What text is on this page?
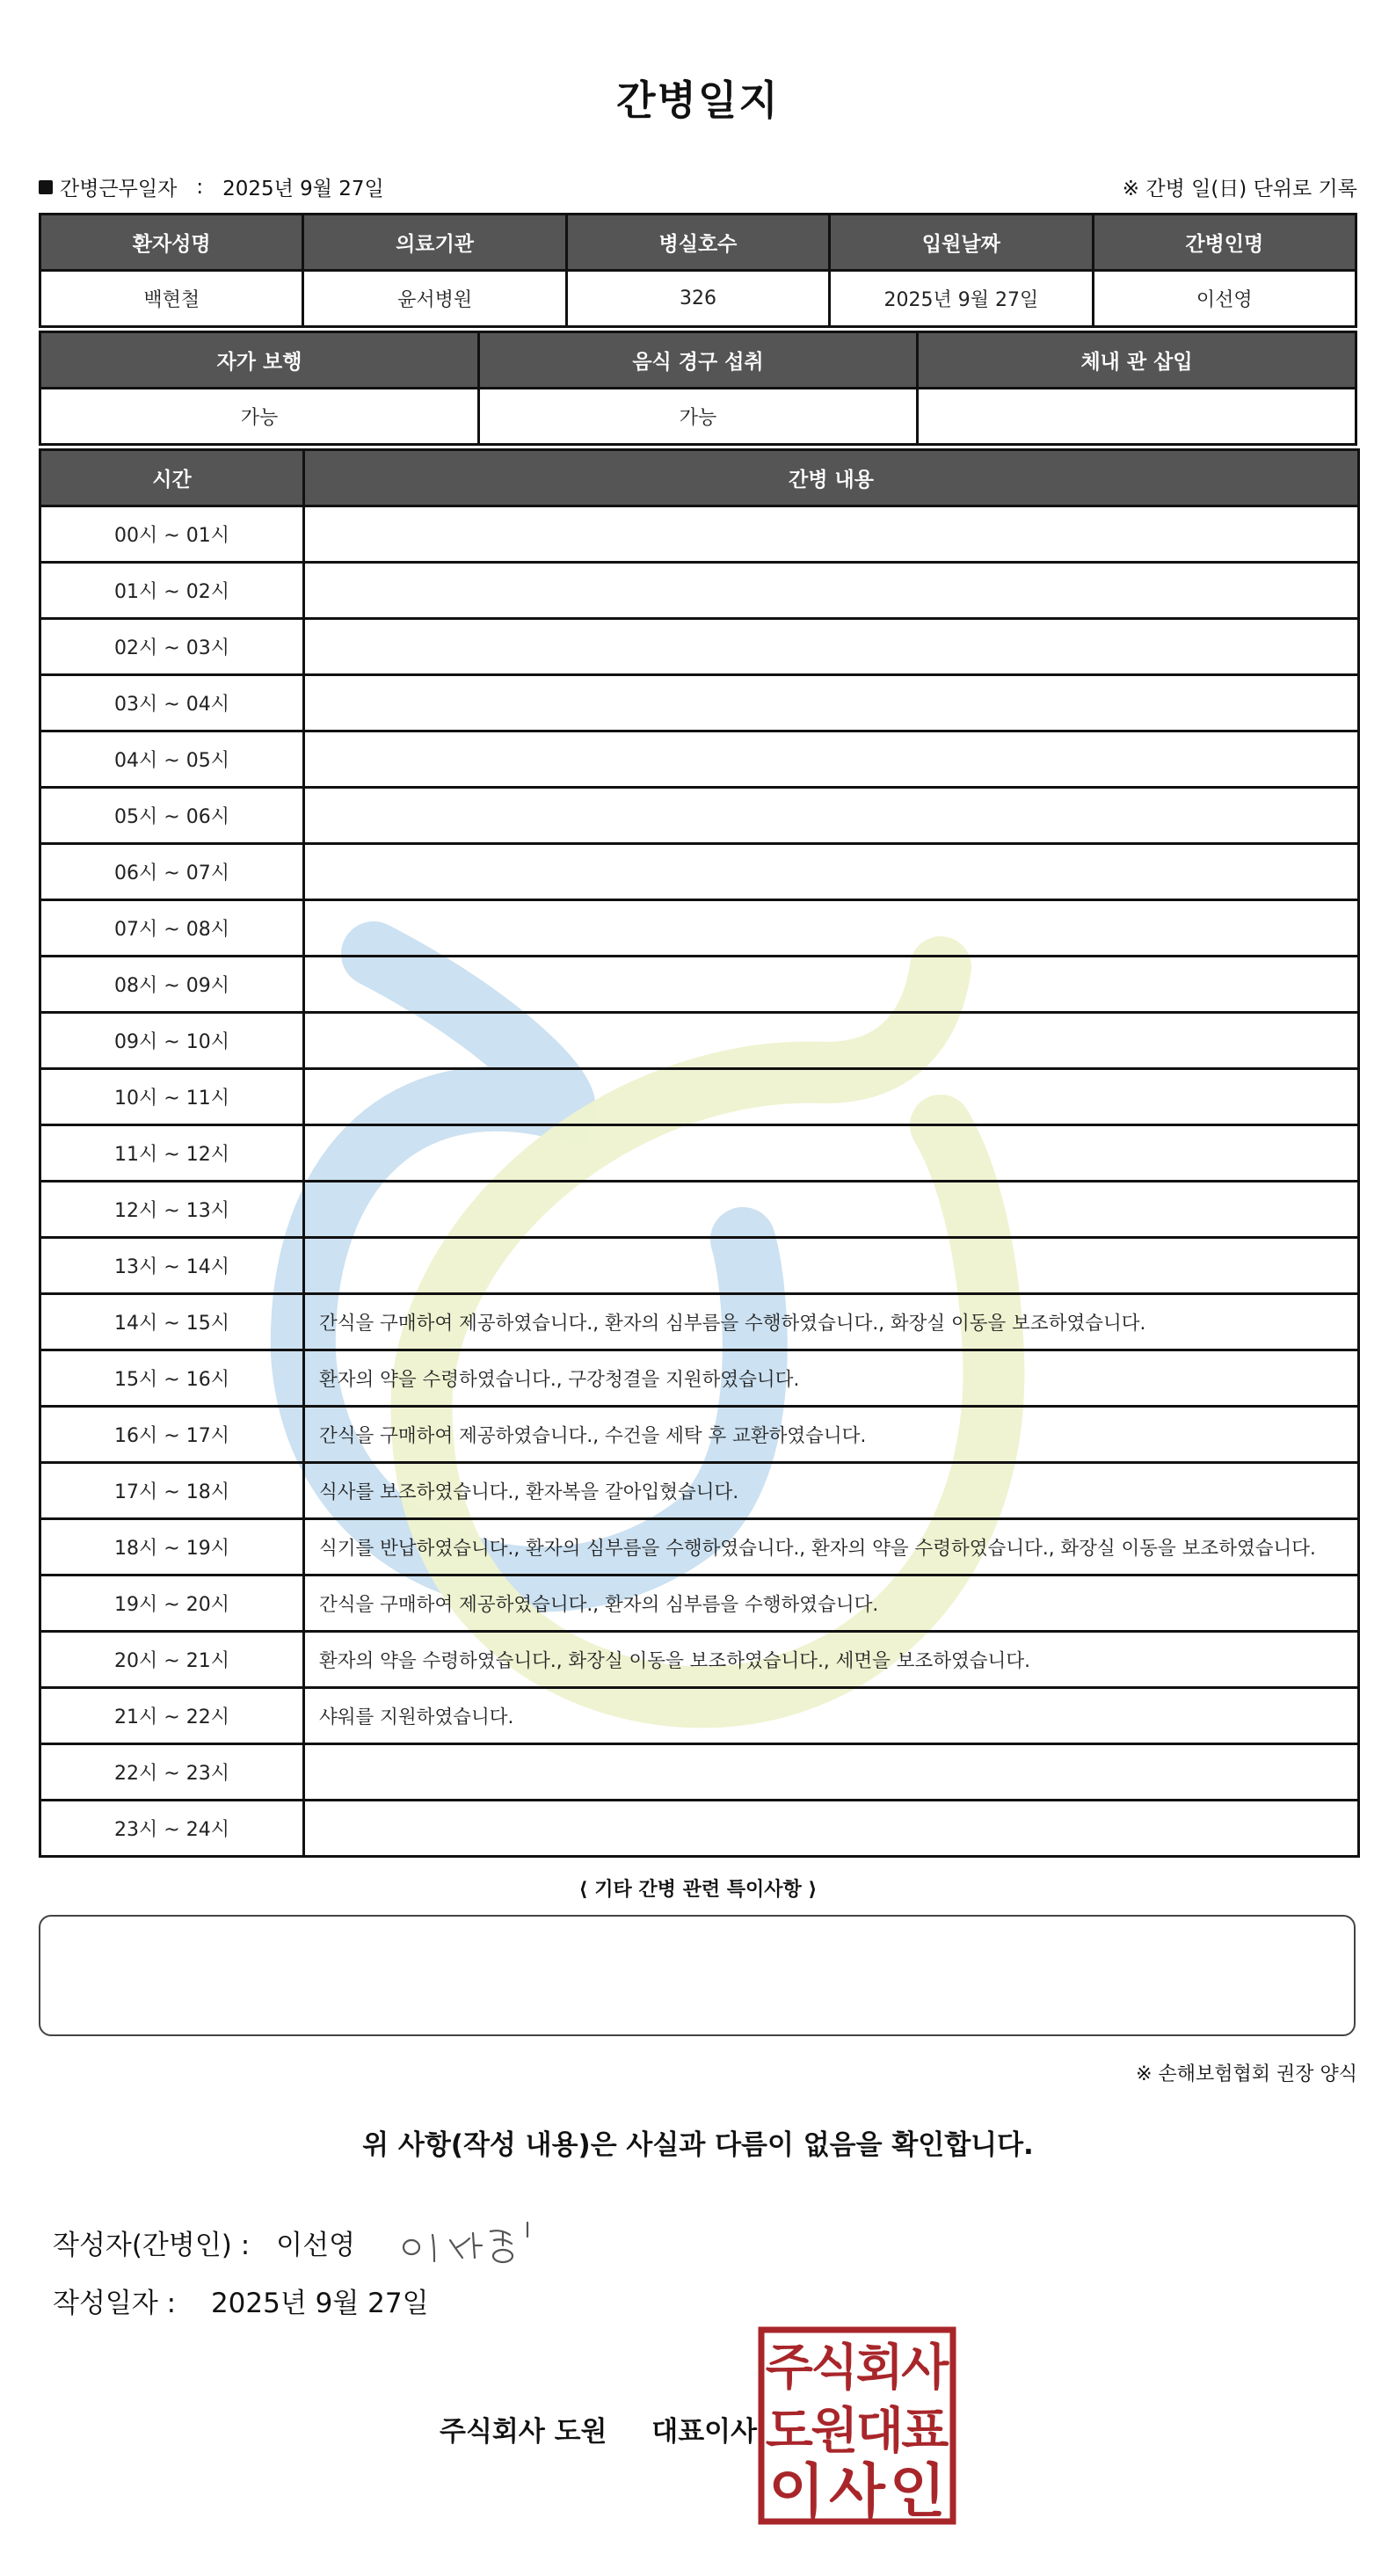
간병일지
간병근무일자 : 2025년 9월 27일	※ 간병 일(日) 단위로 기록
환자성명	의료기관	병실호수	입원날짜	간병인명
백현철	윤서병원	326	2025년 9월 27일	이선영
자가 보행	음식 경구 섭취	체내 관 삽입
가능	가능	
시간	간병 내용
00시 ~ 01시	
01시 ~ 02시	
02시 ~ 03시	
03시 ~ 04시	
04시 ~ 05시	
05시 ~ 06시	
06시 ~ 07시	
07시 ~ 08시	
08시 ~ 09시	
09시 ~ 10시	
10시 ~ 11시	
11시 ~ 12시	
12시 ~ 13시	
13시 ~ 14시	
14시 ~ 15시	간식을 구매하여 제공하였습니다., 환자의 심부름을 수행하였습니다., 화장실 이동을 보조하였습니다.
15시 ~ 16시	환자의 약을 수령하였습니다., 구강청결을 지원하였습니다.
16시 ~ 17시	간식을 구매하여 제공하였습니다., 수건을 세탁 후 교환하였습니다.
17시 ~ 18시	식사를 보조하였습니다., 환자복을 갈아입혔습니다.
18시 ~ 19시	식기를 반납하였습니다., 환자의 심부름을 수행하였습니다., 환자의 약을 수령하였습니다., 화장실 이동을 보조하였습니다.
19시 ~ 20시	간식을 구매하여 제공하였습니다., 환자의 심부름을 수행하였습니다.
20시 ~ 21시	환자의 약을 수령하였습니다., 화장실 이동을 보조하였습니다., 세면을 보조하였습니다.
21시 ~ 22시	샤워를 지원하였습니다.
22시 ~ 23시	
23시 ~ 24시	
⟨ 기타 간병 관련 특이사항 ⟩
※ 손해보험협회 권장 양식
위 사항(작성 내용)은 사실과 다름이 없음을 확인합니다.
작성자(간병인) : 이선영
작성일자 : 2025년 9월 27일
주식회사 도원 대표이사
주
식
회
사
도
원
대
표
이 사 인
